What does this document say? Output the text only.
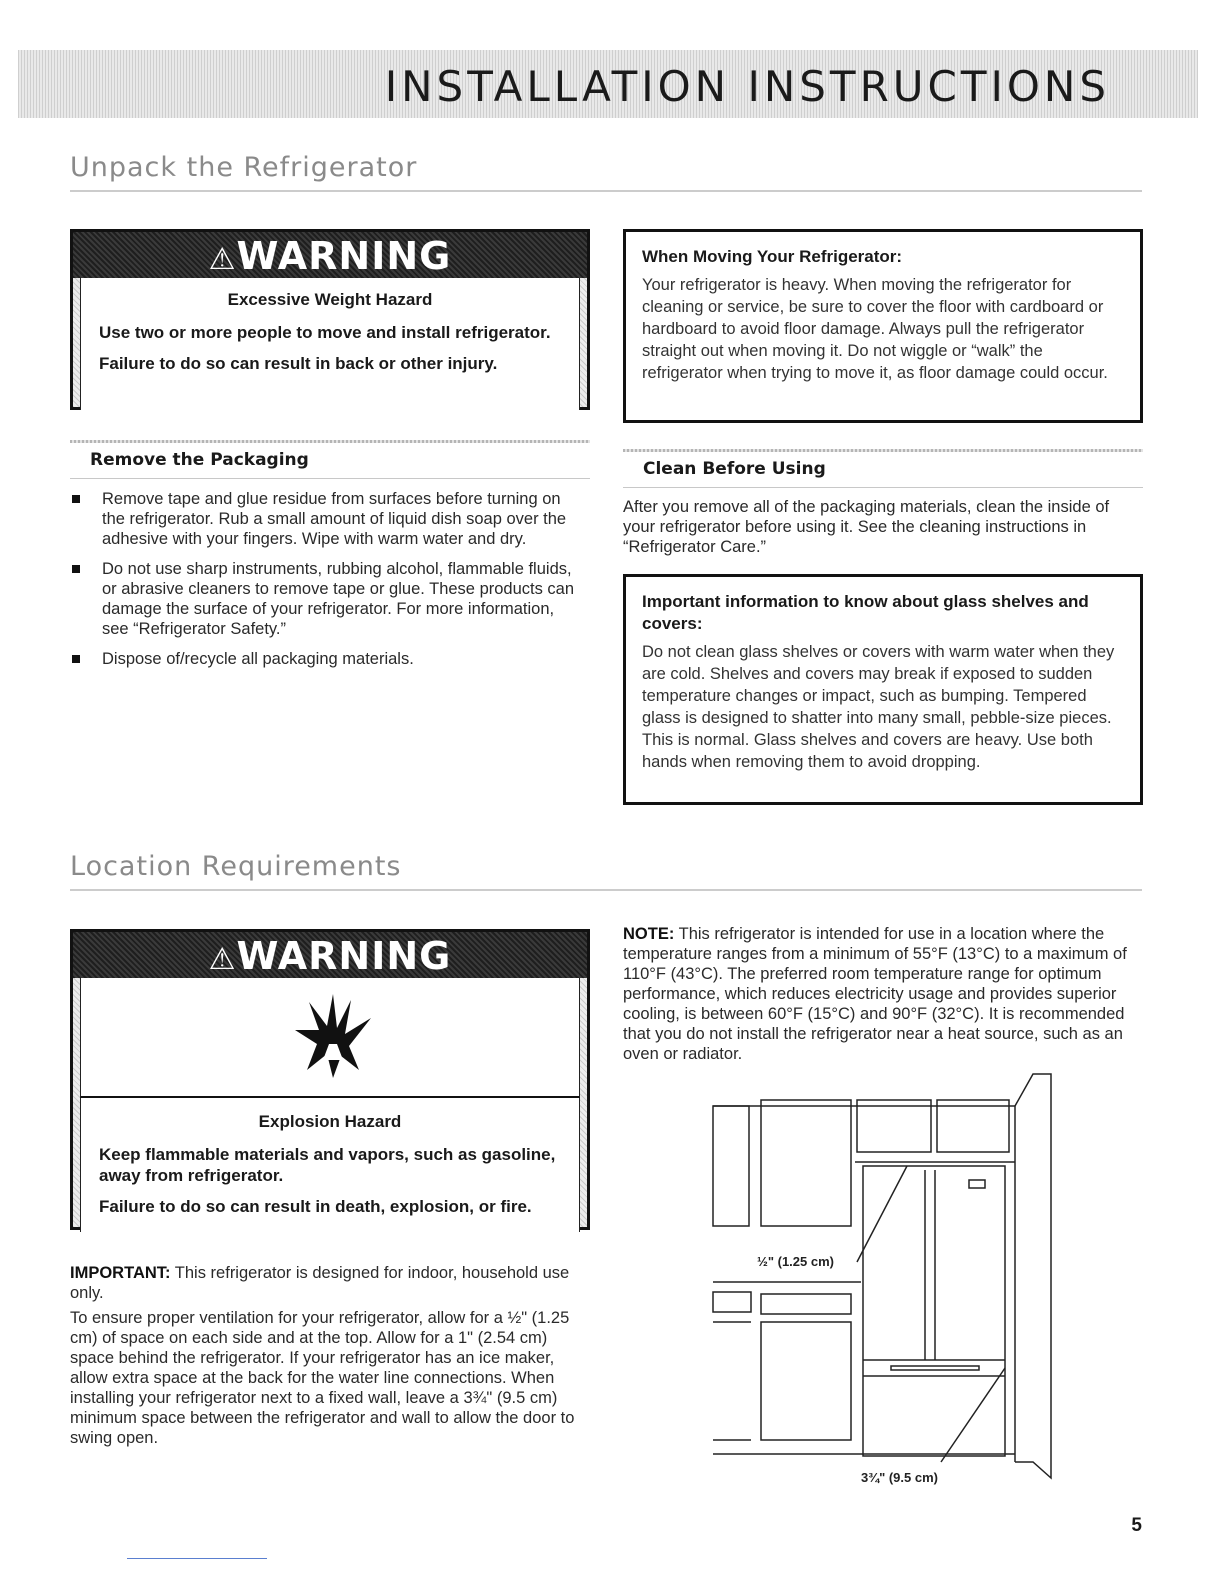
INSTALLATION INSTRUCTIONS
Unpack the Refrigerator
⚠WARNING
Excessive Weight Hazard

Use two or more people to move and install refrigerator.

Failure to do so can result in back or other injury.

When Moving Your Refrigerator:

Your refrigerator is heavy. When moving the refrigerator for cleaning or service, be sure to cover the floor with cardboard or hardboard to avoid floor damage. Always pull the refrigerator straight out when moving it. Do not wiggle or “walk” the refrigerator when trying to move it, as floor damage could occur.

Remove the Packaging
Remove tape and glue residue from surfaces before turning on the refrigerator. Rub a small amount of liquid dish soap over the adhesive with your fingers. Wipe with warm water and dry.
Do not use sharp instruments, rubbing alcohol, flammable fluids, or abrasive cleaners to remove tape or glue. These products can damage the surface of your refrigerator. For more information, see “Refrigerator Safety.”
Dispose of/recycle all packaging materials.
Clean Before Using

After you remove all of the packaging materials, clean the inside of your refrigerator before using it. See the cleaning instructions in “Refrigerator Care.”

Important information to know about glass shelves and covers:

Do not clean glass shelves or covers with warm water when they are cold. Shelves and covers may break if exposed to sudden temperature changes or impact, such as bumping. Tempered glass is designed to shatter into many small, pebble-size pieces. This is normal. Glass shelves and covers are heavy. Use both hands when removing them to avoid dropping.

Location Requirements
⚠WARNING
Explosion Hazard

Keep flammable materials and vapors, such as gasoline, away from refrigerator.

Failure to do so can result in death, explosion, or fire.

IMPORTANT: This refrigerator is designed for indoor, household use only.

To ensure proper ventilation for your refrigerator, allow for a ½" (1.25 cm) of space on each side and at the top. Allow for a 1" (2.54 cm) space behind the refrigerator. If your refrigerator has an ice maker, allow extra space at the back for the water line connections. When installing your refrigerator next to a fixed wall, leave a 3¾" (9.5 cm) minimum space between the refrigerator and wall to allow the door to swing open.

NOTE: This refrigerator is intended for use in a location where the temperature ranges from a minimum of 55°F (13°C) to a maximum of 110°F (43°C). The preferred room temperature range for optimum performance, which reduces electricity usage and provides superior cooling, is between 60°F (15°C) and 90°F (32°C). It is recommended that you do not install the refrigerator near a heat source, such as an oven or radiator.

½" (1.25 cm)
3¾" (9.5 cm)

5
